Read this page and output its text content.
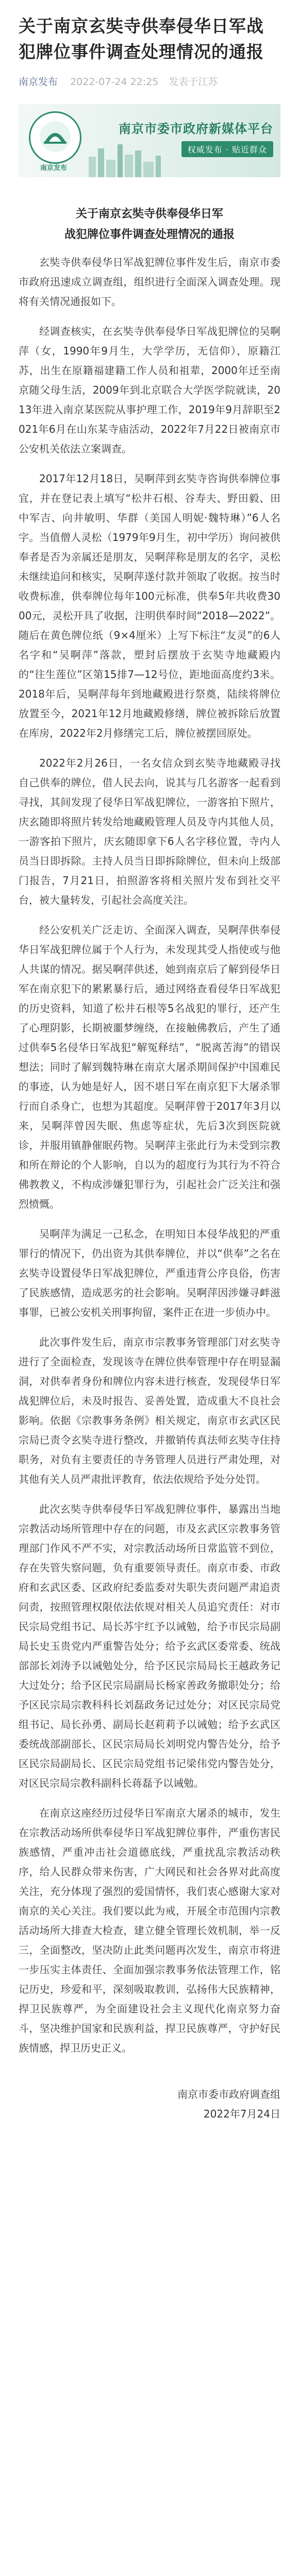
关于南京玄奘寺供奉侵华日军战犯牌位事件调查处理情况的通报
南京发布 2022-07-24 22:25 发表于江苏
南京发布
南京市委市政府新媒体平台
权威发布 · 贴近群众
关于南京玄奘寺供奉侵华日军
战犯牌位事件调查处理情况的通报

玄奘寺供奉侵华日军战犯牌位事件发生后，南京市委市政府迅速成立调查组，组织进行全面深入调查处理。现将有关情况通报如下。

经调查核实，在玄奘寺供奉侵华日军战犯牌位的吴啊萍（女，1990年9月生，大学学历，无信仰），原籍江苏，出生在原籍福建籍工作人员和祖辈，2000年迁至南京随父母生活，2009年到北京联合大学医学院就读，2013年进入南京某医院从事护理工作，2019年9月辞职至2021年6月在山东某寺庙活动，2022年7月22日被南京市公安机关依法立案调查。

2017年12月18日，吴啊萍到玄奘寺咨询供奉牌位事宜，并在登记表上填写“松井石根、谷寿夫、野田毅、田中军吉、向井敏明、华群（美国人明妮·魏特琳）”6人名字。当值僧人灵松（1979年9月生，初中学历）询问被供奉者是否为亲属还是朋友，吴啊萍称是朋友的名字，灵松未继续追问和核实，吴啊萍遂付款并领取了收据。按当时收费标准，供奉牌位每年100元标准，供奉5年共收费3000元，灵松开具了收据，注明供奉时间“2018—2022”。随后在黄色牌位纸（9×4厘米）上写下标注“友灵”的6人名字和“吴啊萍”落款，塑封后摆放于玄奘寺地藏殿内的“往生莲位”区第15排7—12号位，距地面高度约3米。2018年后，吴啊萍每年到地藏殿进行祭奠，陆续将牌位放置至今，2021年12月地藏殿修缮，牌位被拆除后放置在库房，2022年2月修缮完工后，牌位被摆回原处。

2022年2月26日，一名女信众到玄奘寺地藏殿寻找自己供奉的牌位，借人民去向，说其与几名游客一起看到寻找，其间发现了侵华日军战犯牌位，一游客拍下照片，庆玄随即将照片转发给地藏殿管理人员及寺内其他人员，一游客拍下照片，庆玄随即拿下6人名字移位置，寺内人员当日即拆除。主持人员当日即拆除牌位，但未向上级部门报告，7月21日，拍照游客将相关照片发布到社交平台，被大量转发，引起社会高度关注。

经公安机关广泛走访、全面深入调查，吴啊萍供奉侵华日军战犯牌位属于个人行为，未发现其受人指使或与他人共谋的情况。据吴啊萍供述，她到南京后了解到侵华日军在南京犯下的累累暴行后，通过网络查看侵华日军战犯的历史资料，知道了松井石根等5名战犯的罪行，还产生了心理阴影，长期被噩梦缠绕，在接触佛教后，产生了通过供奉5名侵华日军战犯“解冤释结”，“脱离苦海”的错误想法；同时了解到魏特琳在南京大屠杀期间保护中国难民的事迹，认为她是好人，因不堪日军在南京犯下大屠杀罪行而自杀身亡，也想为其超度。吴啊萍曾于2017年3月以来，吴啊萍曾因失眠、焦虑等症状，先后3次到医院就诊，并服用镇静催眠药物。吴啊萍主张此行为未受到宗教和所在辩论的个人影响，自以为的超度行为其行为不符合佛教教义，不构成涉嫌犯罪行为，引起社会广泛关注和强烈愤慨。

吴啊萍为满足一己私念，在明知日本侵华战犯的严重罪行的情况下，仍出资为其供奉牌位，并以“供奉”之名在玄奘寺设置侵华日军战犯牌位，严重违背公序良俗，伤害了民族感情，造成恶劣的社会影响。吴啊萍因涉嫌寻衅滋事罪，已被公安机关刑事拘留，案件正在进一步侦办中。

此次事件发生后，南京市宗教事务管理部门对玄奘寺进行了全面检查，发现该寺在牌位供奉管理中存在明显漏洞，对供奉者身份和牌位内容未进行核查，发现侵华日军战犯牌位后，未及时报告、妥善处置，造成重大不良社会影响。依据《宗教事务条例》相关规定，南京市玄武区民宗局已责令玄奘寺进行整改，并撤销传真法师玄奘寺住持职务，对负有主要责任的寺务管理人员进行严肃处理，对其他有关人员严肃批评教育，依法依规给予处分处罚。

此次玄奘寺供奉侵华日军战犯牌位事件，暴露出当地宗教活动场所管理中存在的问题，市及玄武区宗教事务管理部门作风不严不实，对宗教活动场所日常监管不到位，存在失管失察问题，负有重要领导责任。南京市委、市政府和玄武区委、区政府纪委监委对失职失责问题严肃追责问责，按照管理权限依法依规对相关人员追究责任：对市民宗局党组书记、局长苏宇红予以诫勉，给予市民宗局副局长史玉贵党内严重警告处分；给予玄武区委常委、统战部部长刘涛予以诫勉处分，给予区民宗局局长王越政务记大过处分；给予区民宗局副局长杨家善政务撤职处分；给予区民宗局宗教科科长刘磊政务记过处分；对区民宗局党组书记、局长孙勇、副局长赵莉莉予以诫勉；给予玄武区委统战部副部长、区民宗局局长刘明党内警告处分，给予区民宗局副局长、区民宗局党组书记梁伟党内警告处分，对区民宗局宗教科副科长蒋磊予以诫勉。

在南京这座经历过侵华日军南京大屠杀的城市，发生在宗教活动场所供奉侵华日军战犯牌位事件，严重伤害民族感情，严重冲击社会道德底线，严重扰乱宗教活动秩序，给人民群众带来伤害，广大网民和社会各界对此高度关注，充分体现了强烈的爱国情怀，我们衷心感谢大家对南京的关心关注。我们要以此为戒，开展全市范围内宗教活动场所大排查大检查，建立健全管理长效机制，举一反三，全面整改，坚决防止此类问题再次发生，南京市将进一步压实主体责任、全面加强宗教事务依法管理工作，铭记历史，珍爱和平，深刻吸取教训，弘扬伟大民族精神，捍卫民族尊严，为全面建设社会主义现代化南京努力奋斗，坚决维护国家和民族利益，捍卫民族尊严，守护好民族情感，捍卫历史正义。

南京市委市政府调查组
2022年7月24日
